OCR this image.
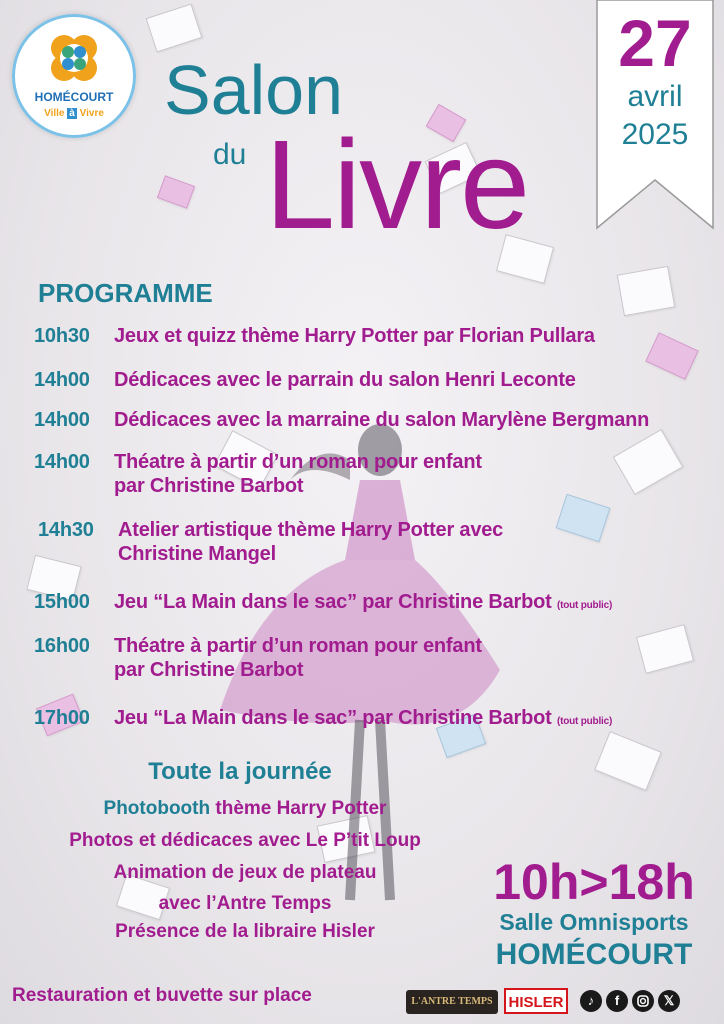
HOMÉCOURT
Ville à Vivre Salon
du Livre
27
avril
2025
PROGRAMME
10h30 Jeux et quizz thème Harry Potter par Florian Pullara
14h00 Dédicaces avec le parrain du salon Henri Leconte
14h00 Dédicaces avec la marraine du salon Marylène Bergmann
14h00 Théatre à partir d’un roman pour enfant
par Christine Barbot
14h30 Atelier artistique thème Harry Potter avec
Christine Mangel
15h00 Jeu “La Main dans le sac” par Christine Barbot (tout public)
16h00 Théatre à partir d’un roman pour enfant
par Christine Barbot
17h00 Jeu “La Main dans le sac” par Christine Barbot (tout public)
Toute la journée
Photobooth thème Harry Potter
Photos et dédicaces avec Le P’tit Loup
Animation de jeux de plateau
avec l’Antre Temps
Présence de la libraire Hisler
10h>18h
Salle Omnisports
HOMÉCOURT
Restauration et buvette sur place	L'ANTRE TEMPS	HISLER	♪	f	𝕏
